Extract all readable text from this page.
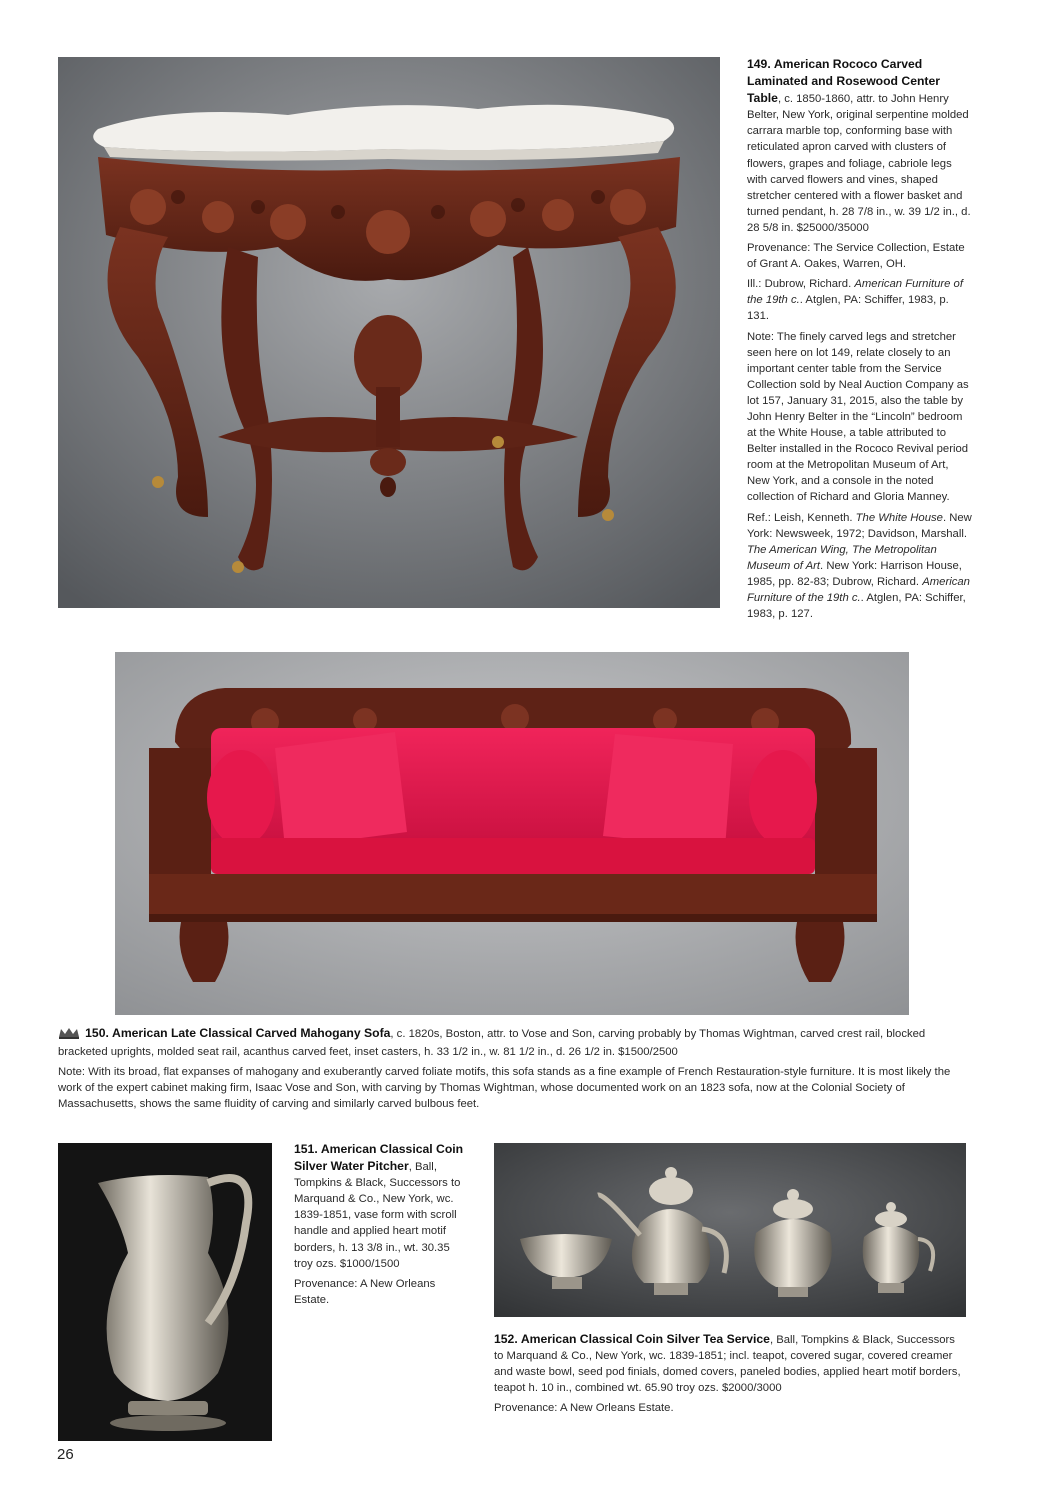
149. American Rococo Carved Laminated and Rosewood Center Table, c. 1850-1860, attr. to John Henry Belter, New York, original serpentine molded carrara marble top, conforming base with reticulated apron carved with clusters of flowers, grapes and foliage, cabriole legs with carved flowers and vines, shaped stretcher centered with a flower basket and turned pendant, h. 28 7/8 in., w. 39 1/2 in., d. 28 5/8 in. $25000/35000

Provenance: The Service Collection, Estate of Grant A. Oakes, Warren, OH.

Ill.: Dubrow, Richard. American Furniture of the 19th c.. Atglen, PA: Schiffer, 1983, p. 131.

Note: The finely carved legs and stretcher seen here on lot 149, relate closely to an important center table from the Service Collection sold by Neal Auction Company as lot 157, January 31, 2015, also the table by John Henry Belter in the “Lincoln” bedroom at the White House, a table attributed to Belter installed in the Rococo Revival period room at the Metropolitan Museum of Art, New York, and a console in the noted collection of Richard and Gloria Manney.

Ref.: Leish, Kenneth. The White House. New York: Newsweek, 1972; Davidson, Marshall. The American Wing, The Metropolitan Museum of Art. New York: Harrison House, 1985, pp. 82-83; Dubrow, Richard. American Furniture of the 19th c.. Atglen, PA: Schiffer, 1983, p. 127.

150. American Late Classical Carved Mahogany Sofa, c. 1820s, Boston, attr. to Vose and Son, carving probably by Thomas Wightman, carved crest rail, blocked bracketed uprights, molded seat rail, acanthus carved feet, inset casters, h. 33 1/2 in., w. 81 1/2 in., d. 26 1/2 in. $1500/2500

Note: With its broad, flat expanses of mahogany and exuberantly carved foliate motifs, this sofa stands as a fine example of French Restauration-style furniture. It is most likely the work of the expert cabinet making firm, Isaac Vose and Son, with carving by Thomas Wightman, whose documented work on an 1823 sofa, now at the Colonial Society of Massachusetts, shows the same fluidity of carving and similarly carved bulbous feet.

151. American Classical Coin Silver Water Pitcher, Ball, Tompkins & Black, Successors to Marquand & Co., New York, wc. 1839-1851, vase form with scroll handle and applied heart motif borders, h. 13 3/8 in., wt. 30.35 troy ozs. $1000/1500

Provenance: A New Orleans Estate.

152. American Classical Coin Silver Tea Service, Ball, Tompkins & Black, Successors to Marquand & Co., New York, wc. 1839-1851; incl. teapot, covered sugar, covered creamer and waste bowl, seed pod finials, domed covers, paneled bodies, applied heart motif borders, teapot h. 10 in., combined wt. 65.90 troy ozs. $2000/3000

Provenance: A New Orleans Estate.

26
